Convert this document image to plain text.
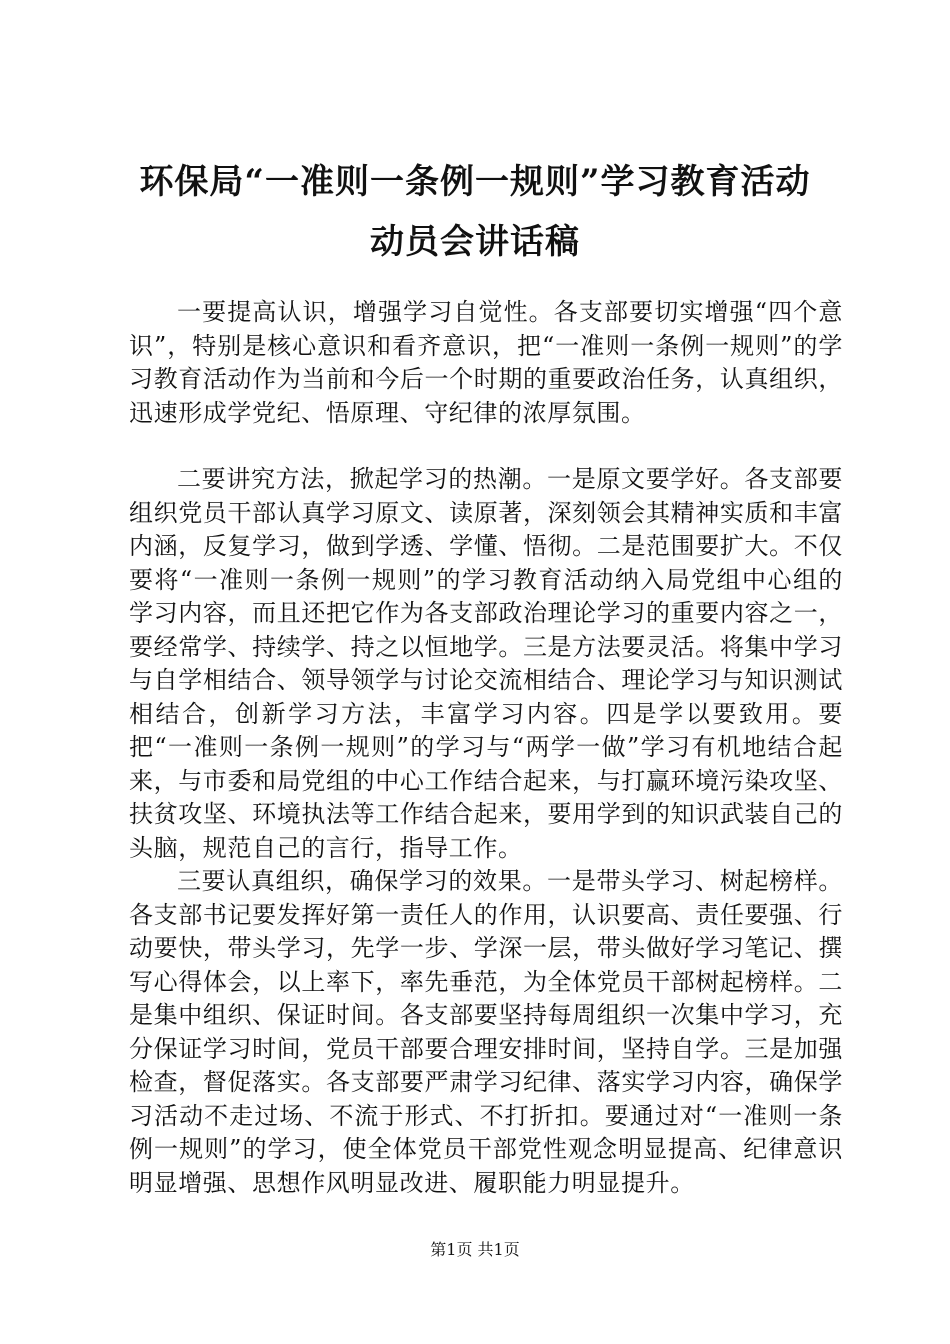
环保局“一准则一条例一规则”学习教育活动
动员会讲话稿

一要提高认识，增强学习自觉性。各支部要切实增强“四个意识”，特别是核心意识和看齐意识，把“一准则一条例一规则”的学习教育活动作为当前和今后一个时期的重要政治任务，认真组织，迅速形成学党纪、悟原理、守纪律的浓厚氛围。

二要讲究方法，掀起学习的热潮。一是原文要学好。各支部要组织党员干部认真学习原文、读原著，深刻领会其精神实质和丰富内涵，反复学习，做到学透、学懂、悟彻。二是范围要扩大。不仅要将“一准则一条例一规则”的学习教育活动纳入局党组中心组的学习内容，而且还把它作为各支部政治理论学习的重要内容之一，要经常学、持续学、持之以恒地学。三是方法要灵活。将集中学习与自学相结合、领导领学与讨论交流相结合、理论学习与知识测试相结合，创新学习方法，丰富学习内容。四是学以要致用。要把“一准则一条例一规则”的学习与“两学一做”学习有机地结合起来，与市委和局党组的中心工作结合起来，与打赢环境污染攻坚、扶贫攻坚、环境执法等工作结合起来，要用学到的知识武装自己的头脑，规范自己的言行，指导工作。

三要认真组织，确保学习的效果。一是带头学习、树起榜样。各支部书记要发挥好第一责任人的作用，认识要高、责任要强、行动要快，带头学习，先学一步、学深一层，带头做好学习笔记、撰写心得体会，以上率下，率先垂范，为全体党员干部树起榜样。二是集中组织、保证时间。各支部要坚持每周组织一次集中学习，充分保证学习时间，党员干部要合理安排时间，坚持自学。三是加强检查，督促落实。各支部要严肃学习纪律、落实学习内容，确保学习活动不走过场、不流于形式、不打折扣。要通过对“一准则一条例一规则”的学习，使全体党员干部党性观念明显提高、纪律意识明显增强、思想作风明显改进、履职能力明显提升。

第1页 共1页
